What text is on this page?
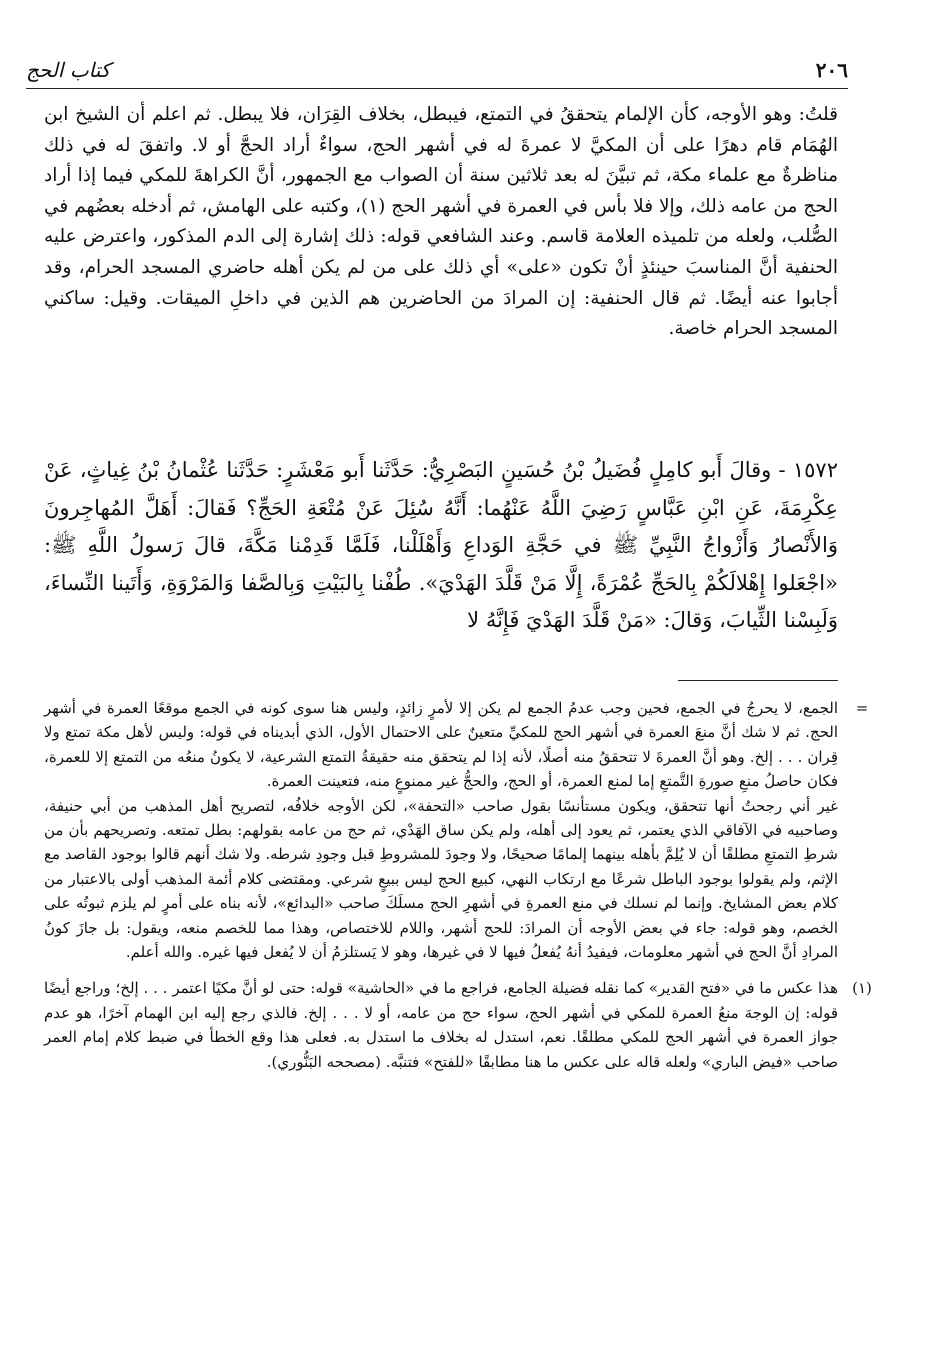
٢٠٦
كتاب الحج

قلتُ: وهو الأوجه، كأن الإلمام يتحققُ في التمتع، فيبطل، بخلاف القِرَان، فلا يبطل. ثم اعلم أن الشيخ ابن الهُمَام قام دهرًا على أن المكيَّ لا عمرةَ له في أشهر الحج، سواءٌ أراد الحجَّ أو لا. واتفقَ له في ذلك مناظرةٌ مع علماء مكة، ثم تبيَّنَ له بعد ثلاثين سنة أن الصواب مع الجمهور، أنَّ الكراهةَ للمكي فيما إذا أراد الحج من عامه ذلك، وإلا فلا بأس في العمرة في أشهر الحج (١)، وكتبه على الهامش، ثم أدخله بعضُهم في الصُّلب، ولعله من تلميذه العلامة قاسم. وعند الشافعي قوله: ذلك إشارة إلى الدم المذكور، واعترض عليه الحنفية أنَّ المناسبَ حينئذٍ أنْ تكون «على» أي ذلك على من لم يكن أهله حاضري المسجد الحرام، وقد أجابوا عنه أيضًا. ثم قال الحنفية: إن المرادَ من الحاضرين هم الذين في داخلِ الميقات. وقيل: ساكني المسجد الحرام خاصة.

١٥٧٢ - وقالَ أَبو كامِلٍ فُضَيلُ بْنُ حُسَينٍ البَصْرِيُّ: حَدَّثَنا أَبو مَعْشَرٍ: حَدَّثَنا عُثْمانُ بْنُ غِياثٍ، عَنْ عِكْرِمَةَ، عَنِ ابْنِ عَبَّاسٍ رَضِيَ اللَّهُ عَنْهُما: أَنَّهُ سُئِلَ عَنْ مُتْعَةِ الحَجِّ؟ فَقالَ: أَهَلَّ المُهاجِرونَ وَالأَنْصارُ وَأَزْواجُ النَّبِيِّ ﷺ في حَجَّةِ الوَداعِ وَأَهْلَلْنا، فَلَمَّا قَدِمْنا مَكَّةَ، قالَ رَسولُ اللَّهِ ﷺ: «اجْعَلوا إِهْلالَكُمْ بِالحَجِّ عُمْرَةً، إِلَّا مَنْ قَلَّدَ الهَدْيَ». طُفْنا بِالبَيْتِ وَبِالصَّفا وَالمَرْوَةِ، وَأَتَينا النِّساءَ، وَلَبِسْنا الثِّيابَ، وَقالَ: «مَنْ قَلَّدَ الهَدْيَ فَإِنَّهُ لا

=

الجمع، لا يحرجُ في الجمع، فحين وجب عدمُ الجمع لم يكن إلا لأمرٍ زائدٍ، وليس هنا سوى كونه في الجمع موقعًا العمرة في أشهر الحج. ثم لا شك أنَّ منعَ العمرة في أشهر الحج للمكيِّ متعينٌ على الاحتمال الأول، الذي أبديناه في قوله: وليس لأهل مكة تمتع ولا قِران . . . إلخ. وهو أنَّ العمرةَ لا تتحققُ منه أصلًا، لأنه إذا لم يتحقق منه حقيقةُ التمتع الشرعية، لا يكونُ منعُه من التمتع إلا للعمرة، فكان حاصلُ منعِ صورةِ التَّمتعِ إما لمنع العمرة، أو الحج، والحجُّ غير ممنوعٍ منه، فتعينت العمرة.

غير أني رجحتُ أنها تتحقق، ويكون مستأنسًا بقول صاحب «التحفة»، لكن الأوجه خلافُه، لتصريح أهل المذهب من أبي حنيفة، وصاحبيه في الآفاقي الذي يعتمر، ثم يعود إلى أهله، ولم يكن ساق الهَدْي، ثم حج من عامه بقولهم: بطل تمتعه. وتصريحهم بأن من شرطِ التمتعِ مطلقًا أن لا يُلِمَّ بأهله بينهما إلمامًا صحيحًا، ولا وجودَ للمشروطِ قبل وجودِ شرطه. ولا شك أنهم قالوا بوجود القاصد مع الإثم، ولم يقولوا بوجود الباطل شرعًا مع ارتكاب النهي، كبيع الحج ليس ببيعٍ شرعي. ومقتضى كلام أئمة المذهب أولى بالاعتبار من كلام بعض المشايخ. وإنما لم نسلك في منع العمرةِ في أشهرِ الحج مسلَكَ صاحب «البدائع»، لأنه بناه على أمرٍ لم يلزم ثبوتُه على الخصم، وهو قوله: جاء في بعض الأوجه أن المرادَ: للحج أشهر، واللام للاختصاص، وهذا مما للخصم منعه، ويقول: بل جازَ كونُ المرادِ أنَّ الحج في أشهر معلومات، فيفيدُ أنهُ يُفعلُ فيها لا في غيرها، وهو لا يَستلزمُ أن لا يُفعل فيها غيره. والله أعلم.

(١)

هذا عكس ما في «فتح القدير» كما نقله فضيلة الجامع، فراجع ما في «الحاشية» قوله: حتى لو أنَّ مكيًا اعتمر . . . إلخ؛ وراجع أيضًا قوله: إن الوجهَ منعُ العمرة للمكي في أشهر الحج، سواء حج من عامه، أو لا . . . إلخ. فالذي رجع إليه ابن الهمام آخرًا، هو عدم جواز العمرة في أشهر الحج للمكي مطلقًا. نعم، استدل له بخلاف ما استدل به. فعلى هذا وقع الخطأ في ضبط كلام إمام العمر صاحب «فيض الباري» ولعله قاله على عكس ما هنا مطابقًا «للفتح» فتنبَّه. (مصححه البَنُّوري).
